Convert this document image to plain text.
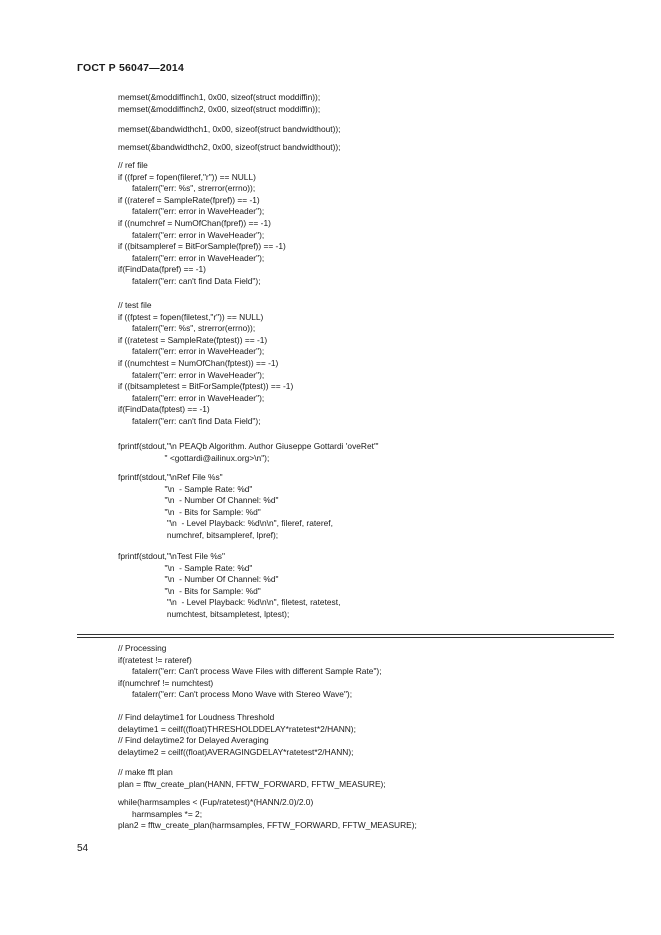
ГОСТ Р 56047—2014
memset(&moddiffinch1, 0x00, sizeof(struct moddiffin));
memset(&moddiffinch2, 0x00, sizeof(struct moddiffin));
memset(&bandwidthch1, 0x00, sizeof(struct bandwidthout));
memset(&bandwidthch2, 0x00, sizeof(struct bandwidthout));
// ref file
if ((fpref = fopen(fileref,"r")) == NULL)
fatalerr("err: %s", strerror(errno));
if ((rateref = SampleRate(fpref)) == -1)
fatalerr("err: error in WaveHeader");
if ((numchref = NumOfChan(fpref)) == -1)
fatalerr("err: error in WaveHeader");
if ((bitsampleref = BitForSample(fpref)) == -1)
fatalerr("err: error in WaveHeader");
if(FindData(fpref) == -1)
fatalerr("err: can't find Data Field");
// test file
if ((fptest = fopen(filetest,"r")) == NULL)
fatalerr("err: %s", strerror(errno));
if ((ratetest = SampleRate(fptest)) == -1)
fatalerr("err: error in WaveHeader");
if ((numchtest = NumOfChan(fptest)) == -1)
fatalerr("err: error in WaveHeader");
if ((bitsampletest = BitForSample(fptest)) == -1)
fatalerr("err: error in WaveHeader");
if(FindData(fptest) == -1)
fatalerr("err: can't find Data Field");
fprintf(stdout,"\n PEAQb Algorithm. Author Giuseppe Gottardi 'oveRet'"
" <gottardi@ailinux.org>\n");
fprintf(stdout,"\nRef File %s"
"\n  - Sample Rate: %d"
"\n  - Number Of Channel: %d"
"\n  - Bits for Sample: %d"
"\n  - Level Playback: %d\n\n", fileref, rateref,
numchref, bitsampleref, lpref);
fprintf(stdout,"\nTest File %s"
"\n  - Sample Rate: %d"
"\n  - Number Of Channel: %d"
"\n  - Bits for Sample: %d"
"\n  - Level Playback: %d\n\n", filetest, ratetest,
numchtest, bitsampletest, lptest);
// Processing
if(ratetest != rateref)
fatalerr("err: Can't process Wave Files with different Sample Rate");
if(numchref != numchtest)
fatalerr("err: Can't process Mono Wave with Stereo Wave");
// Find delaytime1 for Loudness Threshold
delaytime1 = ceilf((float)THRESHOLDDELAY*ratetest*2/HANN);
// Find delaytime2 for Delayed Averaging
delaytime2 = ceilf((float)AVERAGINGDELAY*ratetest*2/HANN);
// make fft plan
plan = fftw_create_plan(HANN, FFTW_FORWARD, FFTW_MEASURE);
while(harmsamples < (Fup/ratetest)*(HANN/2.0)/2.0)
harmsamples *= 2;
plan2 = fftw_create_plan(harmsamples, FFTW_FORWARD, FFTW_MEASURE);
54
